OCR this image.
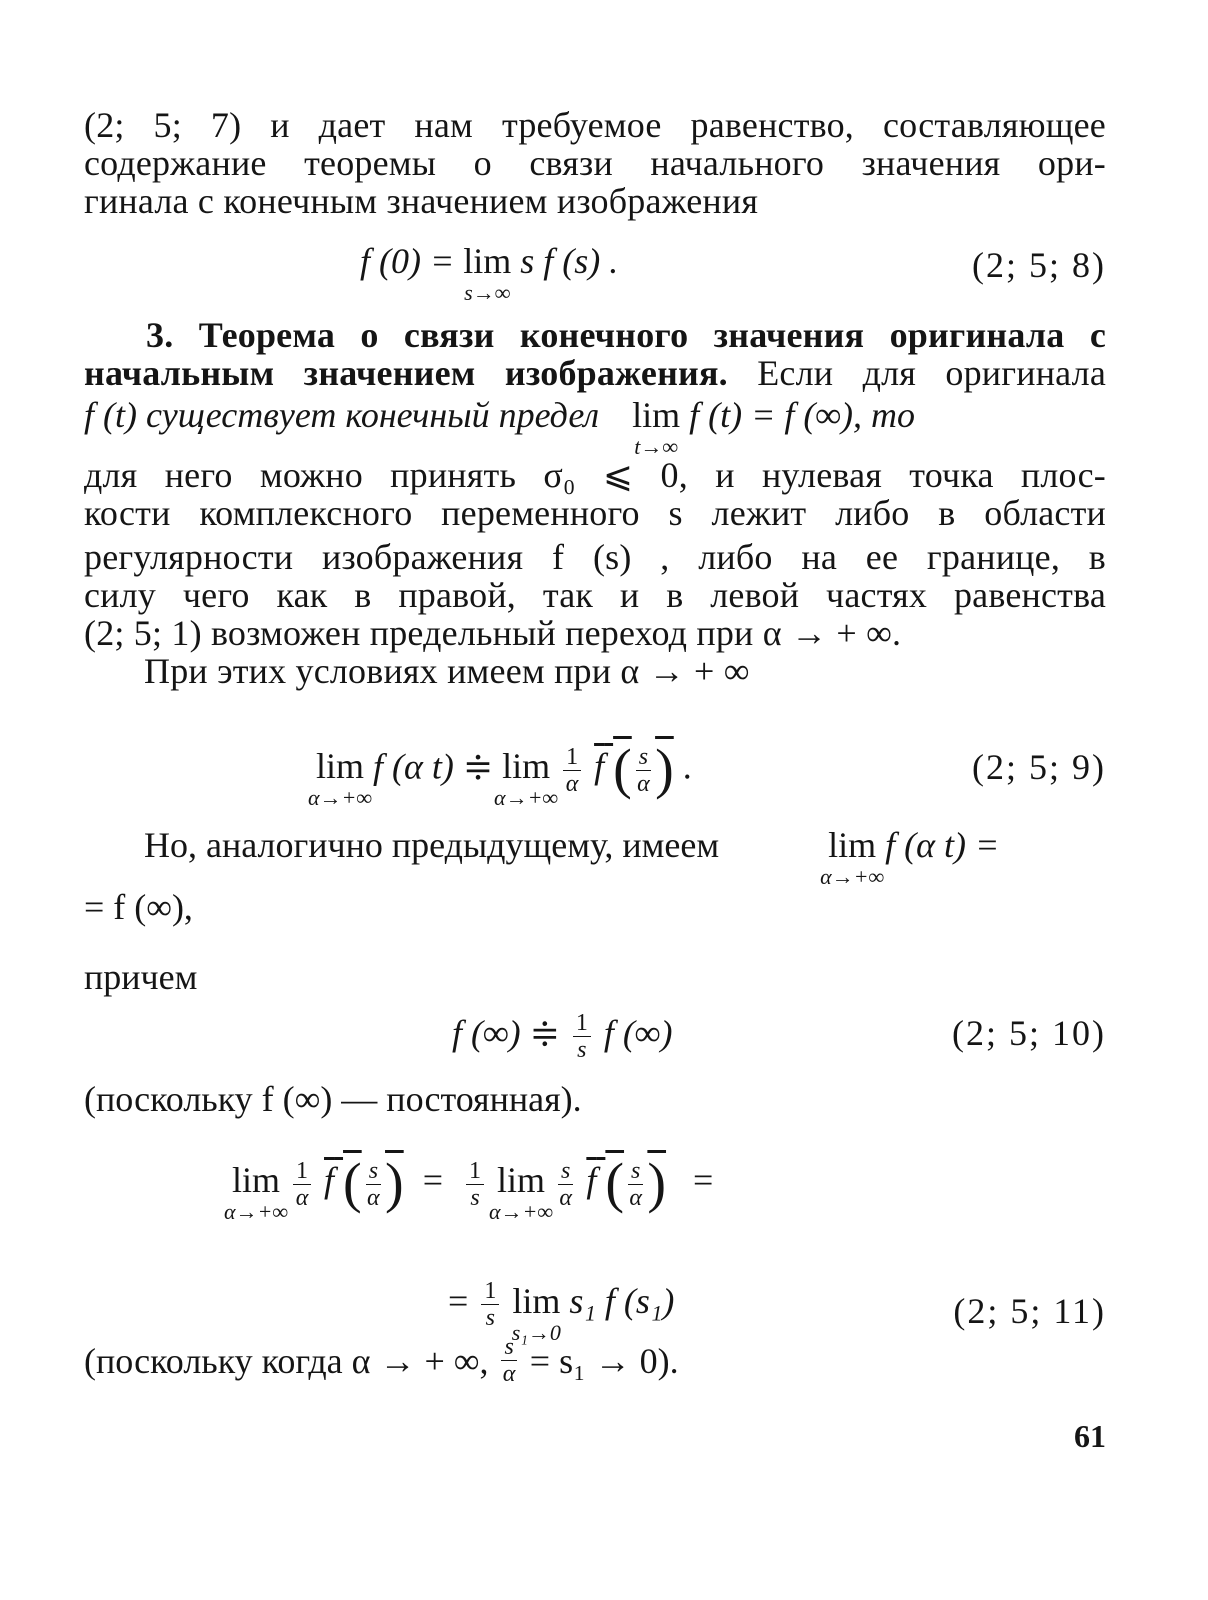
(2; 5; 7) и дает нам требуемое равенство, составляющее
содержание теоремы о связи начального значения ори-
гинала с конечным значением изображения
f (0) = lim
s→∞
s f (s) .	(2; 5; 8)
3. Теорема о связи конечного значения оригинала с
начальным значением изображения. Если для оригинала
f (t) существует конечный предел lim
t→∞
f (t) = f (∞), то
для него можно принять σ₀ ⩽ 0, и нулевая точка плос-
кости комплексного переменного s лежит либо в области
регулярности изображения f (s) , либо на ее границе, в
силу чего как в правой, так и в левой частях равенства
(2; 5; 1) возможен предельный переход при α → + ∞.
При этих условиях имеем при α → + ∞
lim
α→+∞
f (α t) ≑ lim
α→+∞

$\frac{1}{\alpha}$ f ( $\frac{s}{\alpha}$ ) .	(2; 5; 9)
Но, аналогично предыдущему, имеем	lim
α→+∞
f (α t) =
= f (∞),
причем
f (∞) ≑ $\frac{1}{s}$ f (∞)	(2; 5; 10)
(поскольку f (∞) — постоянная).
lim
α→+∞

$\frac{1}{\alpha}$ f ( $\frac{s}{\alpha}$ ) = $\frac{1}{s}$ lim
α→+∞

$\frac{s}{\alpha}$ f ( $\frac{s}{\alpha}$ ) =
= $\frac{1}{s}$ lim
s₁→0
s₁ f (s₁)	(2; 5; 11)
(поскольку когда α → + ∞, $\frac{s}{\alpha} = s_1 \to 0$).
61
